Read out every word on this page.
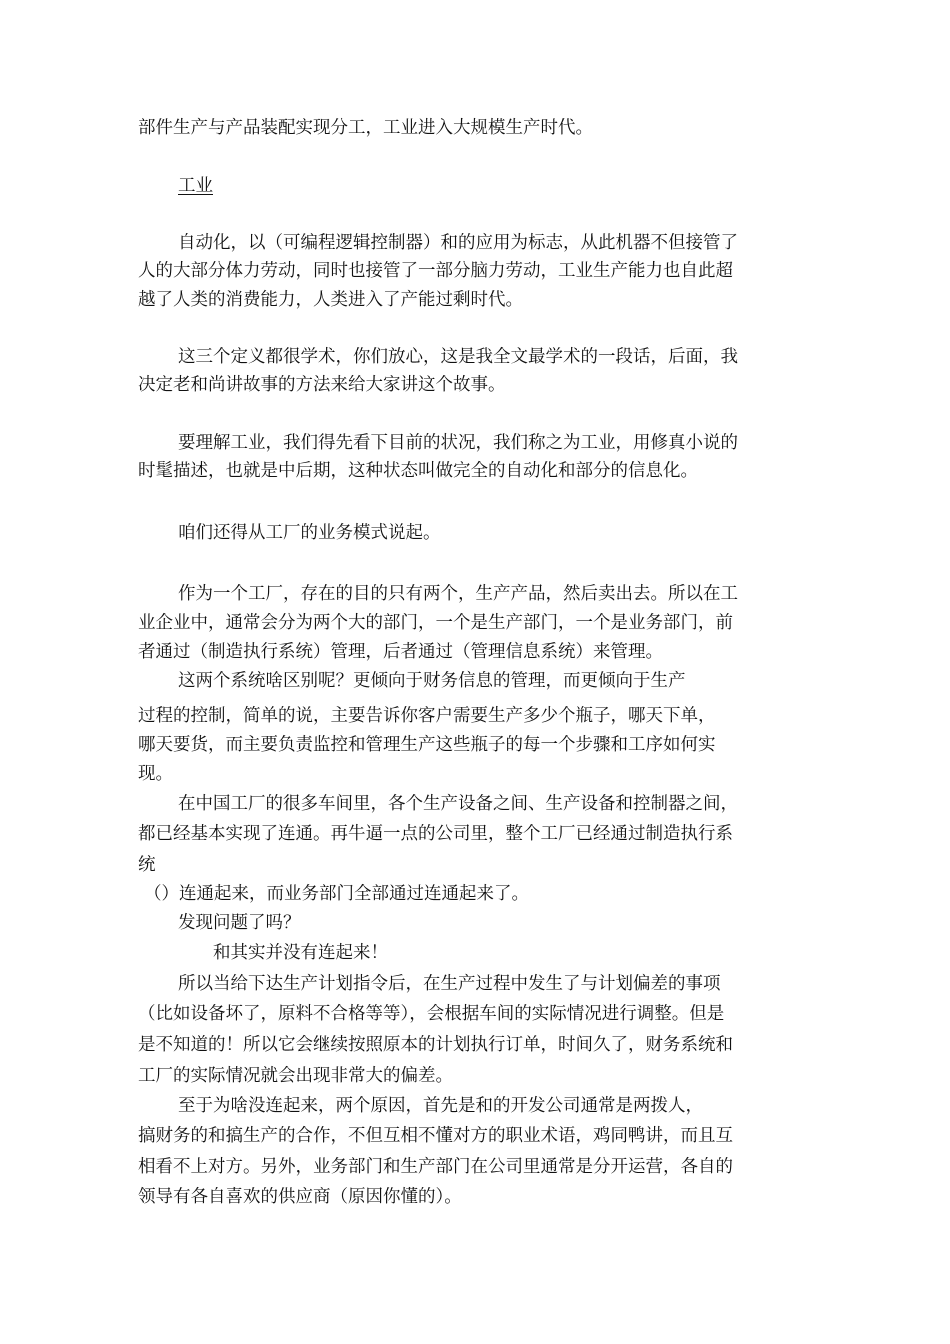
部件生产与产品装配实现分工，工业进入大规模生产时代。
工业
自动化，以（可编程逻辑控制器）和的应用为标志，从此机器不但接管了
人的大部分体力劳动，同时也接管了一部分脑力劳动，工业生产能力也自此超
越了人类的消费能力，人类进入了产能过剩时代。
这三个定义都很学术，你们放心，这是我全文最学术的一段话，后面，我
决定老和尚讲故事的方法来给大家讲这个故事。
要理解工业，我们得先看下目前的状况，我们称之为工业，用修真小说的
时髦描述，也就是中后期，这种状态叫做完全的自动化和部分的信息化。
咱们还得从工厂的业务模式说起。
作为一个工厂，存在的目的只有两个，生产产品，然后卖出去。所以在工
业企业中，通常会分为两个大的部门，一个是生产部门，一个是业务部门，前
者通过（制造执行系统）管理，后者通过（管理信息系统）来管理。
这两个系统啥区别呢？更倾向于财务信息的管理，而更倾向于生产
过程的控制，简单的说，主要告诉你客户需要生产多少个瓶子，哪天下单，
哪天要货，而主要负责监控和管理生产这些瓶子的每一个步骤和工序如何实
现。
在中国工厂的很多车间里，各个生产设备之间、生产设备和控制器之间，
都已经基本实现了连通。再牛逼一点的公司里，整个工厂已经通过制造执行系
统
（）连通起来，而业务部门全部通过连通起来了。
发现问题了吗？
和其实并没有连起来！
所以当给下达生产计划指令后，在生产过程中发生了与计划偏差的事项
（比如设备坏了，原料不合格等等），会根据车间的实际情况进行调整。但是
是不知道的！所以它会继续按照原本的计划执行订单，时间久了，财务系统和
工厂的实际情况就会出现非常大的偏差。
至于为啥没连起来，两个原因，首先是和的开发公司通常是两拨人，
搞财务的和搞生产的合作，不但互相不懂对方的职业术语，鸡同鸭讲，而且互
相看不上对方。另外，业务部门和生产部门在公司里通常是分开运营，各自的
领导有各自喜欢的供应商（原因你懂的）。
